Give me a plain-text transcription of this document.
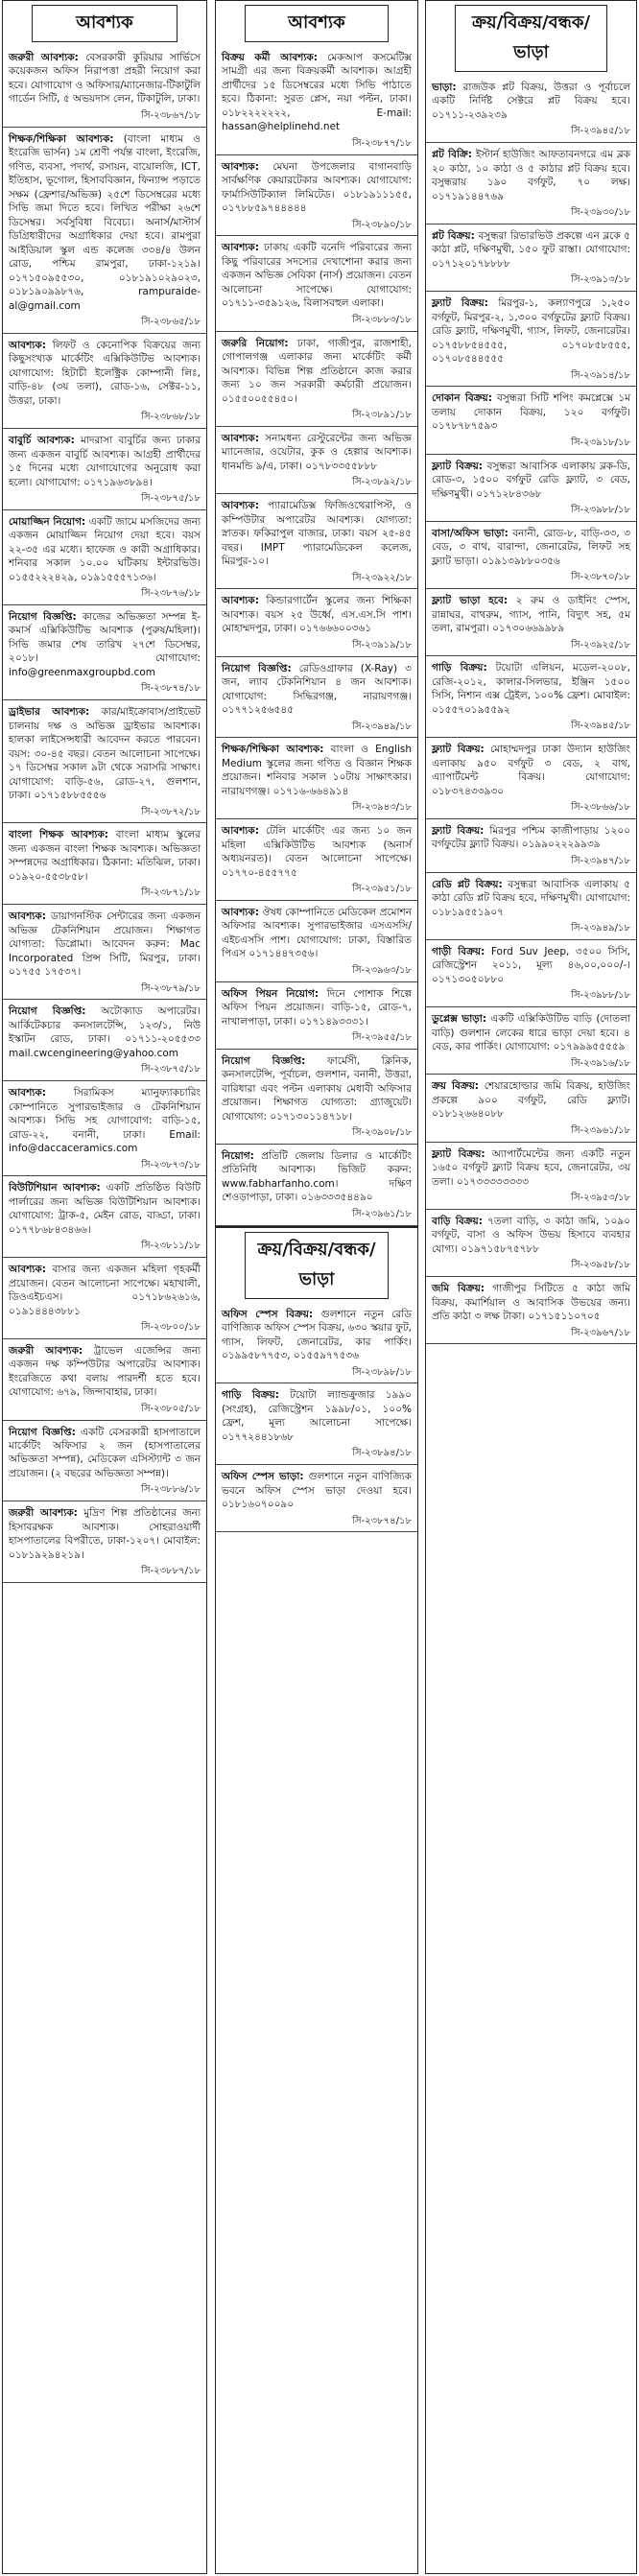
আবশ্যক
জরুরী আবশ্যক: বেসরকারী কুরিয়ার সার্ভিসে কয়েকজন অফিস নিরাপত্তা প্রহরী নিয়োগ করা হবে। যোগাযোগ ও অফিসার/ম্যানেজার-টিকাটুলি গার্ডেন সিটি, ৫ অভয়দাস লেন, টিকাটুলি, ঢাকা।
সি-২৩৮৬৭/১৮
শিক্ষক/শিক্ষিকা আবশ্যক: (বাংলা মাধ্যম ও ইংরেজি ভার্সন) ১ম শ্রেণী পর্যন্ত বাংলা, ইংরেজি, গণিত, ব্যবসা, পদার্থ, রসায়ন, বায়োলজি, ICT, ইতিহাস, ভূগোল, হিসাববিজ্ঞান, ফিন্যান্স পড়াতে সক্ষম (ফ্রেশার/অভিজ্ঞ) ২৫শে ডিসেম্বরের মধ্যে সিভি জমা দিতে হবে। লিখিত পরীক্ষা ২৬শে ডিসেম্বর। সর্বসুবিধা বিবেচ্য। অনার্স/মাস্টার্স ডিগ্রিধারীদের অগ্রাধিকার দেয়া হবে। রামপুরা আইডিয়াল স্কুল এন্ড কলেজ ৩৩৪/৪ উলন রোড, পশ্চিম রামপুরা, ঢাকা-১২১৯। ০১৭১৫০৯৫৫৩০, ০১৮১৯১০২৯০২৩, ০১৮১৯০৯৯৮৭৬, rampuraide-al@gmail.com
সি-২৩৮৬৫/১৮
আবশ্যক: লিফট ও কেনোপিক বিক্রয়ের জন্য কিছুসংখ্যক মার্কেটিং এক্সিকিউটিভ আবশ্যক। যোগাযোগ: হিটাচী ইলেক্ট্রিক কোম্পানী লিঃ, বাড়ি-৪৮ (৩য় তলা), রোড-১৬, সেক্টর-১১, উত্তরা, ঢাকা।
সি-২৩৮৬৮/১৮
বাবুর্চি আবশ্যক: মাদরাসা বাবুর্চির জন্য ঢাকার জন্য একজন বাবুর্চি আবশ্যক। আগ্রহী প্রার্থীদের ১৫ দিনের মধ্যে যোগাযোগের অনুরোধ করা হলো। যোগাযোগ: ০১৭১৯৬৩৮৯৪।
সি-২৩৮৭৫/১৮
মোয়াজ্জিন নিয়োগ: একটি জামে মসজিদের জন্য একজন মোয়াজ্জিন নিয়োগ দেয়া হবে। বয়স ২২-৩৫ এর মধ্যে। হাফেজ ও কারী অগ্রাধিকার। শনিবার সকাল ১০.০০ ঘটিকায় ইন্টারভিউ। ০১৫৫২২২৪২৯, ০১৯১৫৫৫৭১৩৬।
সি-২৩৮৭৬/১৮
নিয়োগ বিজ্ঞপ্তি: কাজের অভিজ্ঞতা সম্পন্ন ই-কমার্স এক্সিকিউটিভ আবশ্যক (পুরুষ/মহিলা)। সিভি জমার শেষ তারিখ ২৭শে ডিসেম্বর, ২০১৮। যোগাযোগ: info@greenmaxgroupbd.com
সি-২৩৮৭৪/১৮
ড্রাইভার আবশ্যক: কার/মাইক্রোবাস/প্রাইভেট চালনায় দক্ষ ও অভিজ্ঞ ড্রাইভার আবশ্যক। হালকা লাইসেন্সধারী আবেদন করতে পারবেন। বয়স: ৩০-৪৫ বছর। বেতন আলোচনা সাপেক্ষে। ১৭ ডিসেম্বর সকাল ৯টা থেকে সরাসরি সাক্ষাৎ। যোগাযোগ: বাড়ি-৫৬, রোড-২৭, গুলশান, ঢাকা। ০১৭১৫৮৮৫৫৫৬
সি-২৩৮৭২/১৮
বাংলা শিক্ষক আবশ্যক: বাংলা মাধ্যম স্কুলের জন্য একজন বাংলা শিক্ষক আবশ্যক। অভিজ্ঞতা সম্পন্নদের অগ্রাধিকার। ঠিকানা: মতিঝিল, ঢাকা। ০১৯২০-৫৫৩৮৫৮।
সি-২৩৮৭১/১৮
আবশ্যক: ডায়াগনস্টিক সেন্টারের জন্য একজন অভিজ্ঞ টেকনিশিয়ান প্রয়োজন। শিক্ষাগত যোগ্যতা: ডিপ্লোমা। আবেদন করুন: Mac Incorporated প্রিন্স সিটি, মিরপুর, ঢাকা। ০১৭৫৫ ১৭৫৩৭।
সি-২৩৮৭৯/১৮
নিয়োগ বিজ্ঞপ্তি: অটোক্যাড অপারেটর। আর্কিটেকচার কনসালটেন্সি, ১২৩/১, নিউ ইস্কাটন রোড, ঢাকা। ০১৭১১-২০৫৫৩৩ mail.cwcengineering@yahoo.com
সি-২৩৮৭৫/১৮
আবশ্যক:	সিরামিকস ম্যানুফ্যাকচারিং কোম্পানিতে সুপারভাইজার ও টেকনিশিয়ান আবশ্যক। সিভি সহ যোগাযোগ: বাড়ি-১৫, রোড-২২, বনানী, ঢাকা। Email: info@daccaceramics.com
সি-২৩৮৭৩/১৮
বিউটিশিয়ান আবশ্যক: একটি প্রতিষ্ঠিত বিউটি পার্লারের জন্য অভিজ্ঞ বিউটিশিয়ান আবশ্যক। যোগাযোগ: ট্রাক-৫, মেইন রোড, বাড্ডা, ঢাকা। ০১৭৭৮৬৮৪৩৪৬৬।
সি-২৩৮১১/১৮
আবশ্যক: বাসার জন্য একজন মহিলা গৃহকর্মী প্রয়োজন। বেতন আলোচনা সাপেক্ষে। মহাখালী, ডিওএইচএস। ০১৭১৮৬২৬১৬, ০১৯১৪৪৪৩৮৮১
সি-২৩৮০০/১৮
জরুরী আবশ্যক: ট্রাভেল এজেন্সির জন্য একজন দক্ষ কম্পিউটার অপারেটর আবশ্যক। ইংরেজিতে কথা বলায় পারদর্শী হতে হবে। যোগাযোগ: ৬৭৯, জিন্দাবাহার, ঢাকা।
সি-২৩৮০৫/১৮
নিয়োগ বিজ্ঞপ্তি: একটি বেসরকারী হাসপাতালে মার্কেটিং অফিসার ২ জন (হাসপাতালের অভিজ্ঞতা সম্পন্ন), মেডিকেল এসিস্ট্যান্ট ৩ জন প্রয়োজন। (২ বছরের অভিজ্ঞতা সম্পন্ন)।
সি-২৩৮৮৬/১৮
জরুরী আবশ্যক: মুদ্রিণ শিল্প প্রতিষ্ঠানের জন্য হিসাবরক্ষক আবশ্যক। সোহরাওয়ার্দী হাসপাতালের বিপরীতে, ঢাকা-১২০৭। মোবাইল: ০১৮১৯২৯৪২১৯।
সি-২৩৮৮৭/১৮
আবশ্যক
বিক্রয় কর্মী আবশ্যক: মেকআপ কসমেটিক্স সামগ্রী এর জন্য বিক্রয়কর্মী আবশ্যক। আগ্রহী প্রার্থীদের ১৫ ডিসেম্বরের মধ্যে সিভি পাঠাতে হবে। ঠিকানা: সুরত প্লেস, নয়া পল্টন, ঢাকা। ০১৮২২২২২২২, E-mail: hassan@helplinehd.net
সি-২৩৮৭৭/১৮
আবশ্যক: মেঘনা উপজেলার বাগানবাড়ি সার্বক্ষণিক কেয়ারটেকার আবশ্যক। যোগাযোগ: ফার্মাসিউটিক্যাল লিমিটেড। ০১৮১৯১১১৫৫, ০১৭৮৮৫৯৭৪৪৪৪৪
সি-২৩৮৯০/১৮
আবশ্যক: ঢাকায় একটি বনেদি পরিবারের জন্য কিছু পরিবারের সদস্যের দেখাশোনা করার জন্য একজন অভিজ্ঞ সেবিকা (নার্স) প্রয়োজন। বেতন আলোচনা সাপেক্ষে। যোগাযোগ: ০১৭১১-৩৫৯১২৬, বিলাসবহুল এলাকা।
সি-২৩৮৮৩/১৮
জরুরি নিয়োগ: ঢাকা, গাজীপুর, রাজশাহী, গোপালগঞ্জ এলাকার জন্য মার্কেটিং কর্মী আবশ্যক। বিভিন্ন শিল্প প্রতিষ্ঠানে কাজ করার জন্য ১০ জন সরকারী কর্মচারী প্রয়োজন। ০১৫৫০০৫৫৪৫০।
সি-২৩৮৯১/১৮
আবশ্যক: সনামধন্য রেস্টুরেন্টের জন্য অভিজ্ঞ ম্যানেজার, ওয়েটার, কুক ও হেল্পার আবশ্যক। ধানমন্ডি ৯/এ, ঢাকা। ০১৭৮৩৩৫৫৮৮৮
সি-২৩৮৯২/১৮
আবশ্যক: প্যারামেডিক্স ফিজিওথেরাপিস্ট, ও কম্পিউটার অপারেটর আবশ্যক। যোগ্যতা: স্নাতক। ফকিরাপুল বাজার, ঢাকা। বয়স ২৫-৪৫ বছর। IMPT প্যারামেডিকেল কলেজ, মিরপুর-১০।
সি-২৩৯২২/১৮
আবশ্যক: কিন্ডারগার্টেন স্কুলের জন্য শিক্ষিকা আবশ্যক। বয়স ২৫ উর্ধ্বে, এস.এস.সি পাশ। মোহাম্মদপুর, ঢাকা। ০১৭৬৬৬০০৩৬১
সি-২৩৯১৯/১৮
নিয়োগ বিজ্ঞপ্তি: রেডিওগ্রাফার (X-Ray) ৩ জন, ল্যাব টেকনিশিয়ান ৪ জন আবশ্যক। যোগাযোগ: সিদ্ধিরগঞ্জ, নারায়ণগঞ্জ। ০১৭৭১২৫৬৫৪৫
সি-২৩৯৪৯/১৮
শিক্ষক/শিক্ষিকা আবশ্যক: বাংলা ও English Medium স্কুলের জন্য গণিত ও বিজ্ঞান শিক্ষক প্রয়োজন। শনিবার সকাল ১০টায় সাক্ষাৎকার। নারায়ণগঞ্জ। ০১৭১৬-৬৬৪৯১৪
সি-২৩৯৪৩/১৮
আবশ্যক: টেলি মার্কেটিং এর জন্য ১০ জন মহিলা এক্সিকিউটিভ আবশ্যক (অনার্স অধ্যয়নরত)। বেতন আলোচনা সাপেক্ষে। ০১৭৭০-৪৫৫৭৭৫
সি-২৩৯৫১/১৮
আবশ্যক: ঔষধ কোম্পানিতে মেডিকেল প্রমোশন অফিসার আবশ্যক। সুপারভাইজার এসএসসি/এইচএসসি পাশ। যোগাযোগ: ঢাকা, বিস্তারিত পিএস ০১৭১৪৪৭৩৫৬।
সি-২৩৯৬৩/১৮
অফিস পিয়ন নিয়োগ: দিনে পোশাক শিল্পে অফিস পিয়ন প্রয়োজন। বাড়ি-১৫, রোড-৭, নাখালপাড়া, ঢাকা। ০১৭১৪৯৩৩৩১।
সি-২৩৯৫৫/১৮
নিয়োগ বিজ্ঞপ্তি: ফার্মেসী, ক্লিনিক, কনসালটেন্সি, পূর্বাচল, গুলশান, বনানী, উত্তরা, বারিধারা এবং পল্টন এলাকায় মেধাবী অফিসার প্রয়োজন। শিক্ষাগত যোগ্যতা: গ্র্যাজুয়েট। যোগাযোগ: ০১৭১৩০১১৪৭১৮।
সি-২৩৯০৮/১৮
নিয়োগ: প্রতিটি জেলায় ডিলার ও মার্কেটিং প্রতিনিধি আবশ্যক। ভিজিট করুন: www.fabharfanho.com। দক্ষিণ শেওড়াপাড়া, ঢাকা। ০১৬৩৩৩৫৪৪৯০
সি-২৩৯৬১/১৮
ক্রয়/বিক্রয়/বন্ধক/ভাড়া
অফিস স্পেস বিক্রয়: গুলশানে নতুন রেডি বাণিজ্যিক অফিস স্পেস বিক্রয়, ৬৩০ স্কয়ার ফুট, গ্যাস, লিফট, জেনারেটর, কার পার্কিং। ০১৯৯৫৮৭৭৫৩, ০১৫৫৯৭৭৫৩৬
সি-২৩৮৯৮/১৮
গাড়ি বিক্রয়: টয়োটা ল্যান্ডক্রুজার ১৯৯০ (সংগ্রহ), রেজিস্ট্রেশন ১৯৯৮/০১, ১০০% ফ্রেশ, মূল্য আলোচনা সাপেক্ষে। ০১৭৭২৪৪১৮৬৮
সি-২৩৮৯৪/১৮
অফিস স্পেস ভাড়া: গুলশানে নতুন বাণিজ্যিক ভবনে অফিস স্পেস ভাড়া দেওয়া হবে। ০১৮১৬০৭০০৯০
সি-২৩৮৭৪/১৮
ক্রয়/বিক্রয়/বন্ধক/ভাড়া
ভাড়া: রাজউক প্লট বিক্রয়, উত্তরা ও পূর্বাচলে একটি নির্দিষ্ট সেক্টরে প্লট বিক্রয় হবে। ০১৭১১-২৩৯২৩৯
সি-২৩৯৪৫/১৮
প্লট বিক্রি: ইস্টার্ন হাউজিং আফতাবনগরে এম ব্লক ২০ কাঠা, ১০ কাঠা ও ৫ কাঠার প্লট বিক্রয় হবে। বসুন্ধরায় ১৯০ বর্গফুট, ৭০ লক্ষ। ০১৭১৯১৪৪৭৬৯
সি-২৩৯৩০/১৮
প্লট বিক্রয়: বসুন্ধরা রিভারভিউ প্রকল্পে এন ব্লকে ৫ কাঠা প্লট, দক্ষিণমুখী, ১৫০ ফুট রাস্তা। যোগাযোগ: ০১৭১২০১৭৮৮৮৮
সি-২৩৯১৩/১৮
ফ্ল্যাট বিক্রয়: মিরপুর-১, কল্যাণপুরে ১,২৫০ বর্গফুট, মিরপুর-২, ১,৩০০ বর্গফুটের ফ্ল্যাট বিক্রয়। রেডি ফ্ল্যাট, দক্ষিণমুখী, গ্যাস, লিফট, জেনারেটর। ০১৭৫৮৮৫৪৫৫৫, ০১৭০৮৫৮৫৫৫, ০১৭০৮৫৪৪৫৫৫
সি-২৩৯১৪/১৮
দোকান বিক্রয়: বসুন্ধরা সিটি শপিং কমপ্লেক্সে ১ম তলায় দোকান বিক্রয়, ১২০ বর্গফুট। ০১৭৮৭৮৭৫৯৩
সি-২৩৯১৮/১৮
ফ্ল্যাট বিক্রয়: বসুন্ধরা আবাসিক এলাকায় ব্লক-ডি, রোড-৩, ১৫০০ বর্গফুট রেডি ফ্ল্যাট, ৩ বেড, দক্ষিণমুখী। ০১৭১২৮৪৩৬৮
সি-২৩৯৮৮/১৮
বাসা/অফিস ভাড়া: বনানী, রোড-৮, বাড়ি-৩৩, ৩ বেড, ৩ বাথ, বারান্দা, জেনারেটর, লিফট সহ ফ্ল্যাট ভাড়া। ০১৯১৩৯৮৮০৩৫৬
সি-২৩৮৭০/১৮
ফ্ল্যাট ভাড়া হবে: ২ রুম ও ডাইনিং স্পেস, রান্নাঘর, বাথরুম, গ্যাস, পানি, বিদ্যুৎ সহ, ৫ম তলা, রামপুরা। ০১৭৩০৬৬৯৯৮৯
সি-২৩৯২৫/১৮
গাড়ি বিক্রয়: টয়োটা এলিয়ন, মডেল-২০০৮, রেজি-২০১২, কালার-সিলভার, ইঞ্জিন ১৫০০ সিসি, নিশান এক্স ট্রেইল, ১০০% ফ্রেশ। মোবাইল: ০১৫৫৭০১৯৫৫৯২
সি-২৩৯৪৫/১৮
ফ্ল্যাট বিক্রয়: মোহাম্মদপুর ঢাকা উদ্যান হাউজিং এলাকায় ৯৫০ বর্গফুট ৩ বেড, ২ বাথ, এ্যাপার্টমেন্ট বিক্রয়। যোগাযোগ: ০১৮৩৭৪৩৩৯৩০
সি-২৩৮৬৬/১৮
ফ্ল্যাট বিক্রয়: মিরপুর পশ্চিম কাজীপাড়ায় ১২০০ বর্গফুটের ফ্ল্যাট বিক্রয়। ০১৯৯০২২২৯৯৩৯
সি-২৩৯৪৭/১৮
রেডি প্লট বিক্রয়: বসুন্ধরা আবাসিক এলাকায় ৫ কাঠা রেডি প্লট বিক্রয় হবে, দক্ষিণমুখী। যোগাযোগ: ০১৮১৯৫৫১৯০৭
সি-২৩৯৪৯/১৮
গাড়ী বিক্রয়: Ford Suv Jeep, ৩৫০০ সিসি, রেজিস্ট্রেশন ২০১১, মূল্য ৪৬,০০,০০০/-। ০১৭১৩০৫০৮৮০
সি-২৩৯৮৮/১৮
ডুপ্লেক্স ভাড়া: একটি এক্সিকিউটিভ বাড়ি (দোতলা বাড়ি) গুলশান লেকের ধারে ভাড়া দেয়া হবে। ৪ বেড, কার পার্কিং। যোগাযোগ: ০১৭৯৯৯৫৫৫৫৯
সি-২৩৯১৬/১৮
ক্রয় বিক্রয়: শেয়ারহোল্ডার জমি বিক্রয়, হাউজিং প্রকল্পে ৯০০ বর্গফুট, রেডি ফ্ল্যাট। ০১৮১২৬৬৪০৮৮
সি-২৩৯৬১/১৮
ফ্ল্যাট বিক্রয়: অ্যাপার্টমেন্টের জন্য একটি নতুন ১৬৫০ বর্গফুট ফ্ল্যাট বিক্রয় হবে, জেনারেটর, ৩য় তলা। ০১৭৩৩৩৩৩৩৩৩
সি-২৩৯৫৩/১৮
বাড়ি বিক্রয়: ৭তলা বাড়ি, ৩ কাঠা জমি, ১০৯০ বর্গফুট, বাসা ও অফিস উভয় হিসাবে ব্যবহার যোগ্য। ০১৯৭১৫৮৭৫৭৮৮
সি-২৩৯৫৮/১৮
জমি বিক্রয়: গাজীপুর সিটিতে ৫ কাঠা জমি বিক্রয়, কমার্শিয়াল ও আবাসিক উভয়ের জন্য। প্রতি কাঠা ৩ লক্ষ টাকা। ০১৭১৫১১০৭০৫
সি-২৩৯৬৭/১৮
